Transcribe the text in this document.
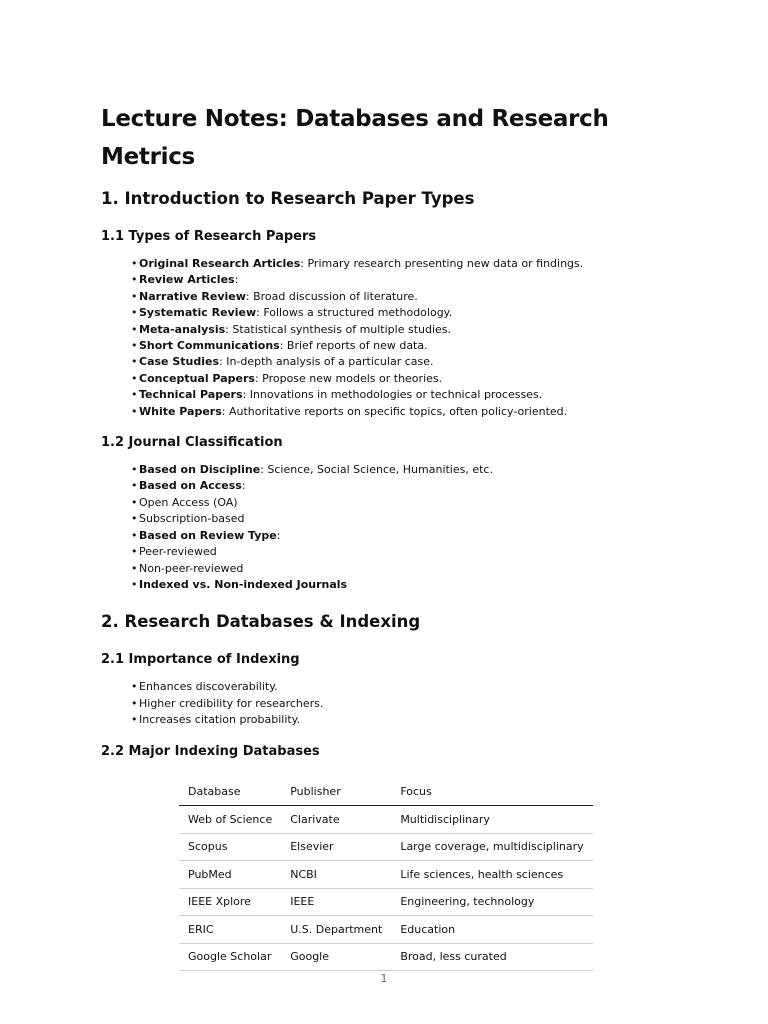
Lecture Notes: Databases and Research Metrics
1. Introduction to Research Paper Types
1.1 Types of Research Papers
• Original Research Articles: Primary research presenting new data or findings.
• Review Articles:
• Narrative Review: Broad discussion of literature.
• Systematic Review: Follows a structured methodology.
• Meta-analysis: Statistical synthesis of multiple studies.
• Short Communications: Brief reports of new data.
• Case Studies: In-depth analysis of a particular case.
• Conceptual Papers: Propose new models or theories.
• Technical Papers: Innovations in methodologies or technical processes.
• White Papers: Authoritative reports on specific topics, often policy-oriented.
1.2 Journal Classification
• Based on Discipline: Science, Social Science, Humanities, etc.
• Based on Access:
• Open Access (OA)
• Subscription-based
• Based on Review Type:
• Peer-reviewed
• Non-peer-reviewed
• Indexed vs. Non-indexed Journals
2. Research Databases & Indexing
2.1 Importance of Indexing
• Enhances discoverability.
• Higher credibility for researchers.
• Increases citation probability.
2.2 Major Indexing Databases
Database	Publisher	Focus
Web of Science	Clarivate	Multidisciplinary
Scopus	Elsevier	Large coverage, multidisciplinary
PubMed	NCBI	Life sciences, health sciences
IEEE Xplore	IEEE	Engineering, technology
ERIC	U.S. Department	Education
Google Scholar	Google	Broad, less curated
1
